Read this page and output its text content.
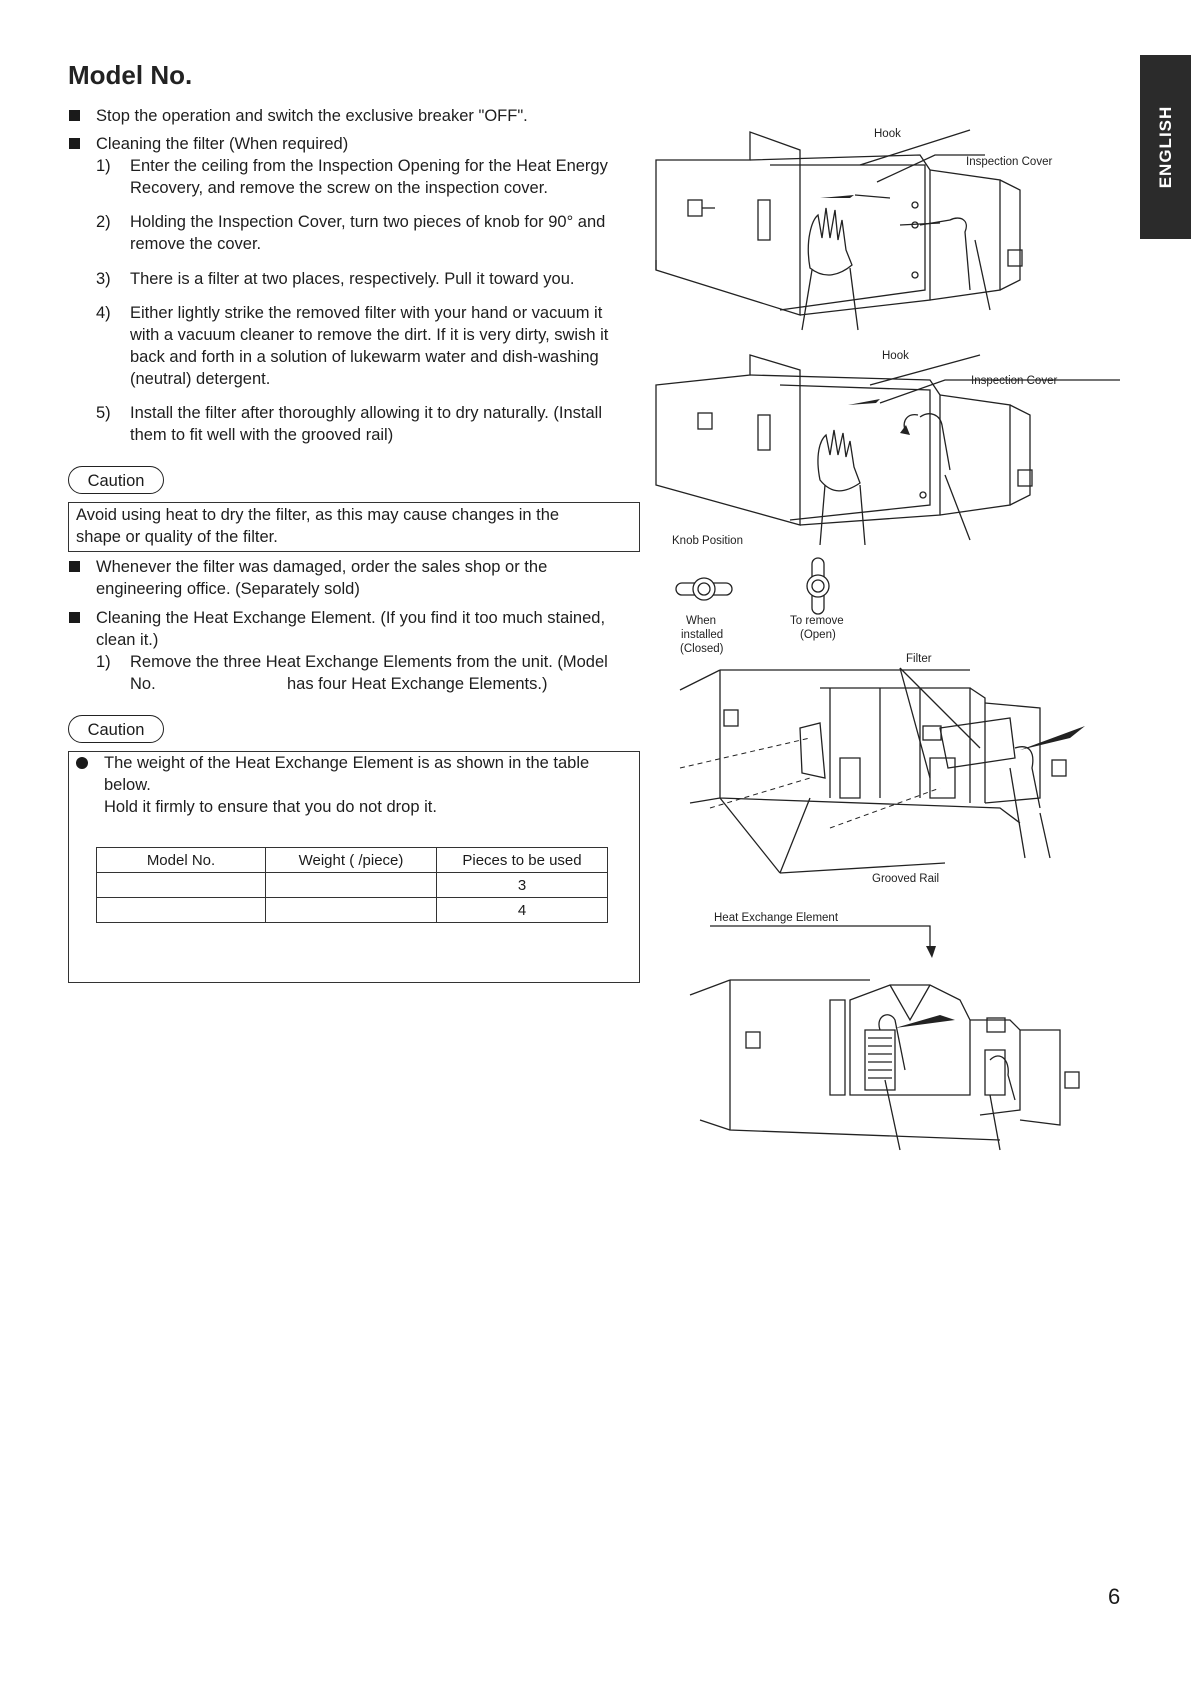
Model No.
ENGLISH
Stop the operation and switch the exclusive breaker "OFF".
Cleaning the filter (When required)
1) Enter the ceiling from the Inspection Opening for the Heat Energy
Recovery, and remove the screw on the inspection cover.
2) Holding the Inspection Cover, turn two pieces of knob for 90° and
remove the cover.
3) There is a filter at two places, respectively. Pull it toward you.
4) Either lightly strike the removed filter with your hand or vacuum it
with a vacuum cleaner to remove the dirt. If it is very dirty, swish it
back and forth in a solution of lukewarm water and dish-washing
(neutral) detergent.
5) Install the filter after thoroughly allowing it to dry naturally. (Install
them to fit well with the grooved rail)
Caution
Avoid using heat to dry the filter, as this may cause changes in the
shape or quality of the filter.
Whenever the filter was damaged, order the sales shop or the
engineering office. (Separately sold)
Cleaning the Heat Exchange Element. (If you find it too much stained,
clean it.)
1) Remove the three Heat Exchange Elements from the unit. (Model
No.	has four Heat Exchange Elements.)
Caution
The weight of the Heat Exchange Element is as shown in the table
below.
Hold it firmly to ensure that you do not drop it.
Model No.	Weight ( /piece)	Pieces to be used
		3
		4
Hook
Inspection Cover
Hook
Inspection Cover
Knob Position
When
installed
(Closed)
To remove
(Open)
Filter
Grooved Rail
Heat Exchange Element
6
